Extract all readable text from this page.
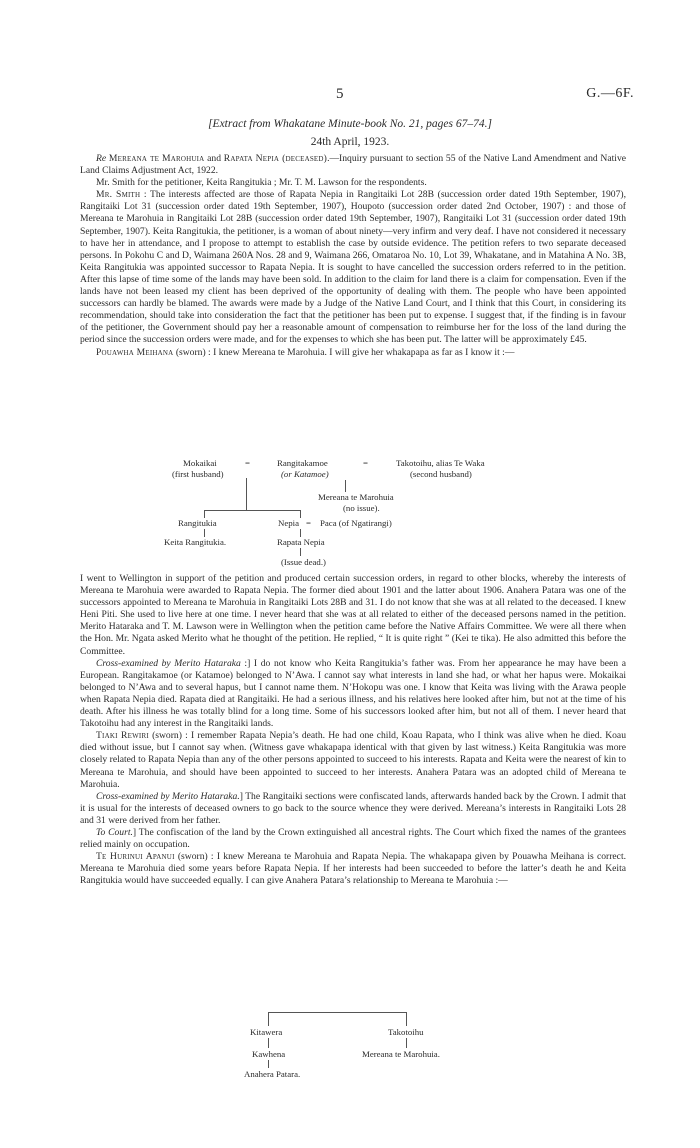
5	G.—6F.
[Extract from Whakatane Minute-book No. 21, pages 67–74.]
24th April, 1923.

Re Mereana te Marohuia and Rapata Nepia (deceased).—Inquiry pursuant to section 55 of the Native Land Amendment and Native Land Claims Adjustment Act, 1922.

Mr. Smith for the petitioner, Keita Rangitukia ; Mr. T. M. Lawson for the respondents.

Mr. Smith : The interests affected are those of Rapata Nepia in Rangitaiki Lot 28B (succession order dated 19th September, 1907), Rangitaiki Lot 31 (succession order dated 19th September, 1907), Houpoto (succession order dated 2nd October, 1907) : and those of Mereana te Marohuia in Rangitaiki Lot 28B (succession order dated 19th September, 1907), Rangitaiki Lot 31 (succession order dated 19th September, 1907). Keita Rangitukia, the petitioner, is a woman of about ninety—very infirm and very deaf. I have not considered it necessary to have her in attendance, and I propose to attempt to establish the case by outside evidence. The petition refers to two separate deceased persons. In Pokohu C and D, Waimana 260A Nos. 28 and 9, Waimana 266, Omataroa No. 10, Lot 39, Whakatane, and in Matahina A No. 3B, Keita Rangitukia was appointed successor to Rapata Nepia. It is sought to have cancelled the succession orders referred to in the petition. After this lapse of time some of the lands may have been sold. In addition to the claim for land there is a claim for compensation. Even if the lands have not been leased my client has been deprived of the opportunity of dealing with them. The people who have been appointed successors can hardly be blamed. The awards were made by a Judge of the Native Land Court, and I think that this Court, in considering its recommendation, should take into consideration the fact that the petitioner has been put to expense. I suggest that, if the finding is in favour of the petitioner, the Government should pay her a reasonable amount of compensation to reimburse her for the loss of the land during the period since the succession orders were made, and for the expenses to which she has been put. The latter will be approximately £45.

Pouawha Meihana (sworn) : I knew Mereana te Marohuia. I will give her whakapapa as far as I know it :—

Mokaikai
(first husband)
=	Rangitakamoe
(or Katamoe)
=	Takotoihu, alias Te Waka
(second husband)
Mereana te Marohuia
(no issue).
Rangitukia	Nepia = Paca (of Ngatirangi)
Keita Rangitukia.	Rapata Nepia
(Issue dead.)

I went to Wellington in support of the petition and produced certain succession orders, in regard to other blocks, whereby the interests of Mereana te Marohuia were awarded to Rapata Nepia. The former died about 1901 and the latter about 1906. Anahera Patara was one of the successors appointed to Mereana te Marohuia in Rangitaiki Lots 28B and 31. I do not know that she was at all related to the deceased. I knew Heni Piti. She used to live here at one time. I never heard that she was at all related to either of the deceased persons named in the petition. Merito Hataraka and T. M. Lawson were in Wellington when the petition came before the Native Affairs Committee. We were all there when the Hon. Mr. Ngata asked Merito what he thought of the petition. He replied, “ It is quite right ” (Kei te tika). He also admitted this before the Committee.

Cross-examined by Merito Hataraka :] I do not know who Keita Rangitukia’s father was. From her appearance he may have been a European. Rangitakamoe (or Katamoe) belonged to N’Awa. I cannot say what interests in land she had, or what her hapus were. Mokaikai belonged to N’Awa and to several hapus, but I cannot name them. N’Hokopu was one. I know that Keita was living with the Arawa people when Rapata Nepia died. Rapata died at Rangitaiki. He had a serious illness, and his relatives here looked after him, but not at the time of his death. After his illness he was totally blind for a long time. Some of his successors looked after him, but not all of them. I never heard that Takotoihu had any interest in the Rangitaiki lands.

Tiaki Rewiri (sworn) : I remember Rapata Nepia’s death. He had one child, Koau Rapata, who I think was alive when he died. Koau died without issue, but I cannot say when. (Witness gave whakapapa identical with that given by last witness.) Keita Rangitukia was more closely related to Rapata Nepia than any of the other persons appointed to succeed to his interests. Rapata and Keita were the nearest of kin to Mereana te Marohuia, and should have been appointed to succeed to her interests. Anahera Patara was an adopted child of Mereana te Marohuia.

Cross-examined by Merito Hataraka.] The Rangitaiki sections were confiscated lands, afterwards handed back by the Crown. I admit that it is usual for the interests of deceased owners to go back to the source whence they were derived. Mereana’s interests in Rangitaiki Lots 28 and 31 were derived from her father.

To Court.] The confiscation of the land by the Crown extinguished all ancestral rights. The Court which fixed the names of the grantees relied mainly on occupation.

Te Hurinui Apanui (sworn) : I knew Mereana te Marohuia and Rapata Nepia. The whakapapa given by Pouawha Meihana is correct. Mereana te Marohuia died some years before Rapata Nepia. If her interests had been succeeded to before the latter’s death he and Keita Rangitukia would have succeeded equally. I can give Anahera Patara’s relationship to Mereana te Marohuia :—

Kitawera	Takotoihu
Kawhena	Mereana te Marohuia.
Anahera Patara.
